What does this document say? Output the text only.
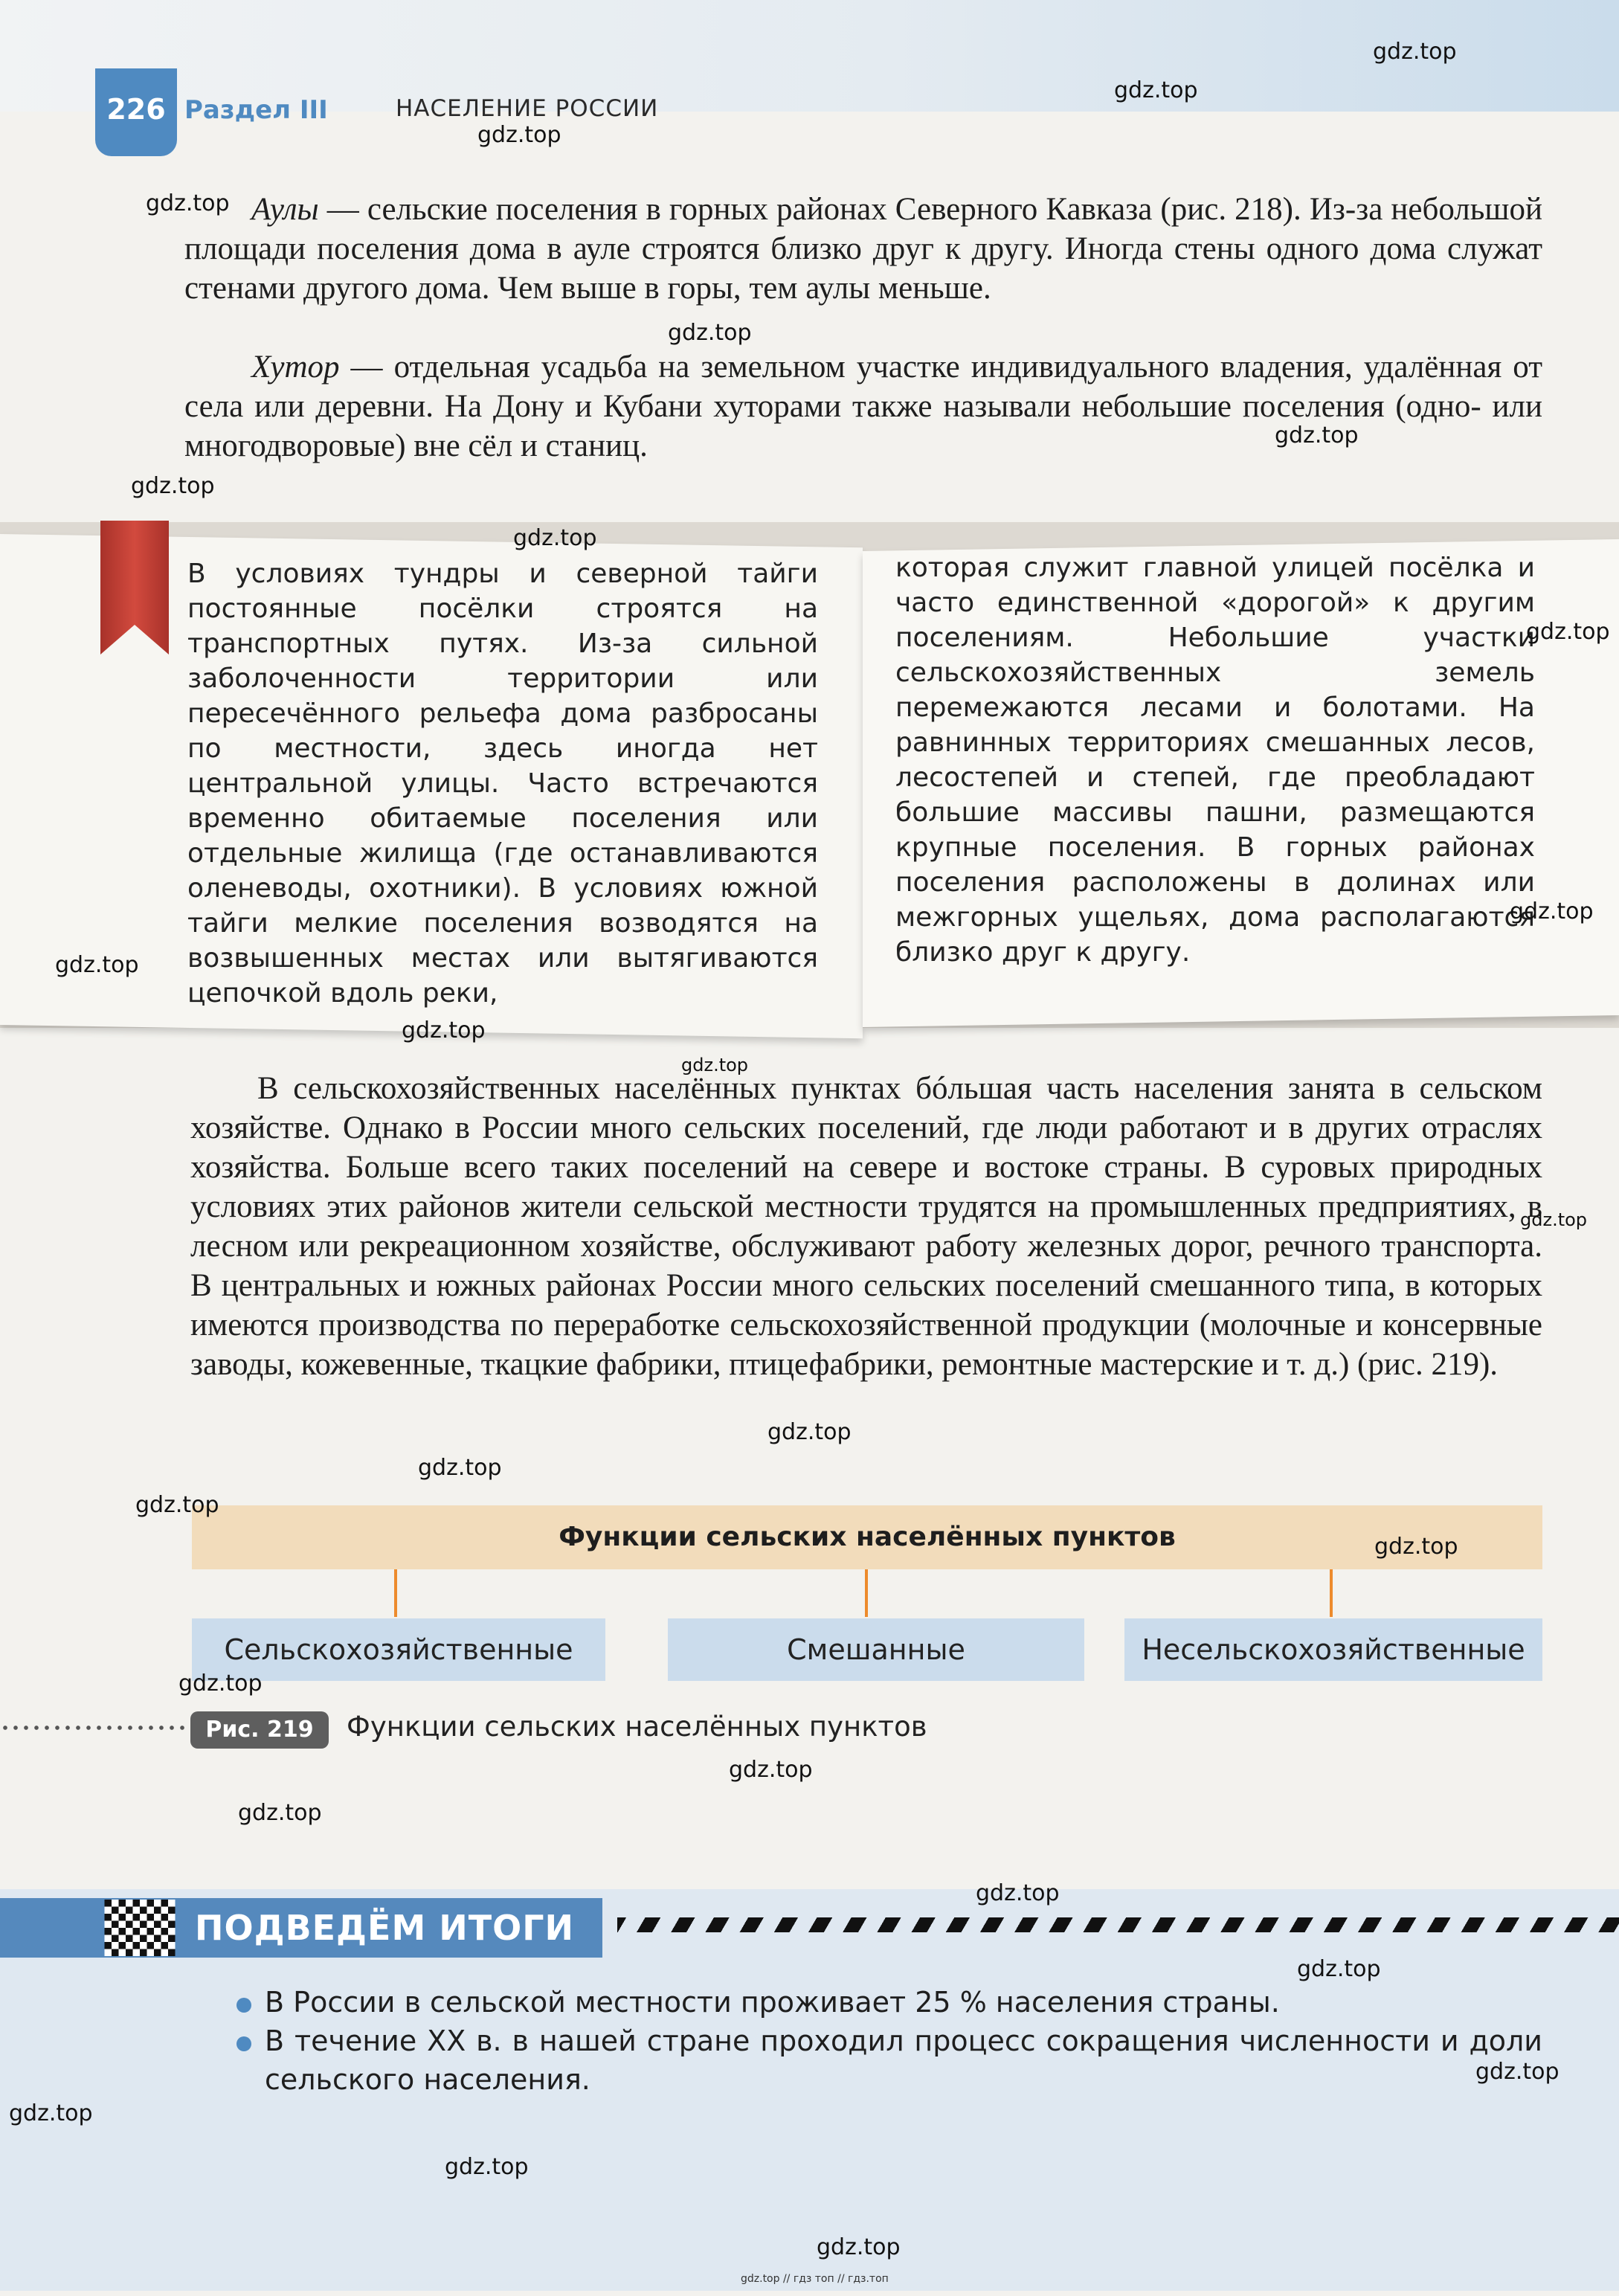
226 Раздел III	НАСЕЛЕНИЕ РОССИИ
Аулы — сельские поселения в горных районах Северного Кавказа (рис. 218). Из-за небольшой площади поселения дома в ауле строятся близко друг к другу. Иногда стены одного дома служат стенами другого дома. Чем выше в горы, тем аулы меньше.
Хутор — отдельная усадьба на земельном участке индивидуального владения, удалённая от села или деревни. На Дону и Кубани хуторами также называли небольшие поселения (одно- или многодворовые) вне сёл и станиц.
В условиях тундры и северной тайги постоянные посёлки строятся на транспортных путях. Из-за сильной заболоченности территории или пересечённого рельефа дома разбросаны по местности, здесь иногда нет центральной улицы. Часто встречаются временно обитаемые поселения или отдельные жилища (где останавливаются оленеводы, охотники). В условиях южной тайги мелкие поселения возводятся на возвышенных местах или вытягиваются цепочкой вдоль реки,
которая служит главной улицей посёлка и часто единственной «дорогой» к другим поселениям. Небольшие участки сельскохозяйственных земель перемежаются лесами и болотами. На равнинных территориях смешанных лесов, лесостепей и степей, где преобладают большие массивы пашни, размещаются крупные поселения. В горных районах поселения расположены в долинах или межгорных ущельях, дома располагаются близко друг к другу.
В сельскохозяйственных населённых пунктах бóльшая часть населения занята в сельском хозяйстве. Однако в России много сельских поселений, где люди работают и в других отраслях хозяйства. Больше всего таких поселений на севере и востоке страны. В суровых природных условиях этих районов жители сельской местности трудятся на промышленных предприятиях, в лесном или рекреационном хозяйстве, обслуживают работу железных дорог, речного транспорта. В центральных и южных районах России много сельских поселений смешанного типа, в которых имеются производства по переработке сельскохозяйственной продукции (молочные и консервные заводы, кожевенные, ткацкие фабрики, птицефабрики, ремонтные мастерские и т. д.) (рис. 219).
Функции сельских населённых пунктов
Сельскохозяйственные	Смешанные	Несельскохозяйственные
Рис. 219	Функции сельских населённых пунктов
ПОДВЕДЁМ ИТОГИ
В России в сельской местности проживает 25 % населения страны.
В течение XX в. в нашей стране проходил процесс сокращения численности и доли сельского населения.
gdz.top
gdz.top
gdz.top
gdz.top
gdz.top
gdz.top
gdz.top
gdz.top
gdz.top
gdz.top
gdz.top
gdz.top
gdz.top
gdz.top
gdz.top
gdz.top
gdz.top
gdz.top
gdz.top
gdz.top
gdz.top
gdz.top
gdz.top
gdz.top
gdz.top
gdz.top
gdz.top
gdz.top // гдз топ // гдз.топ
